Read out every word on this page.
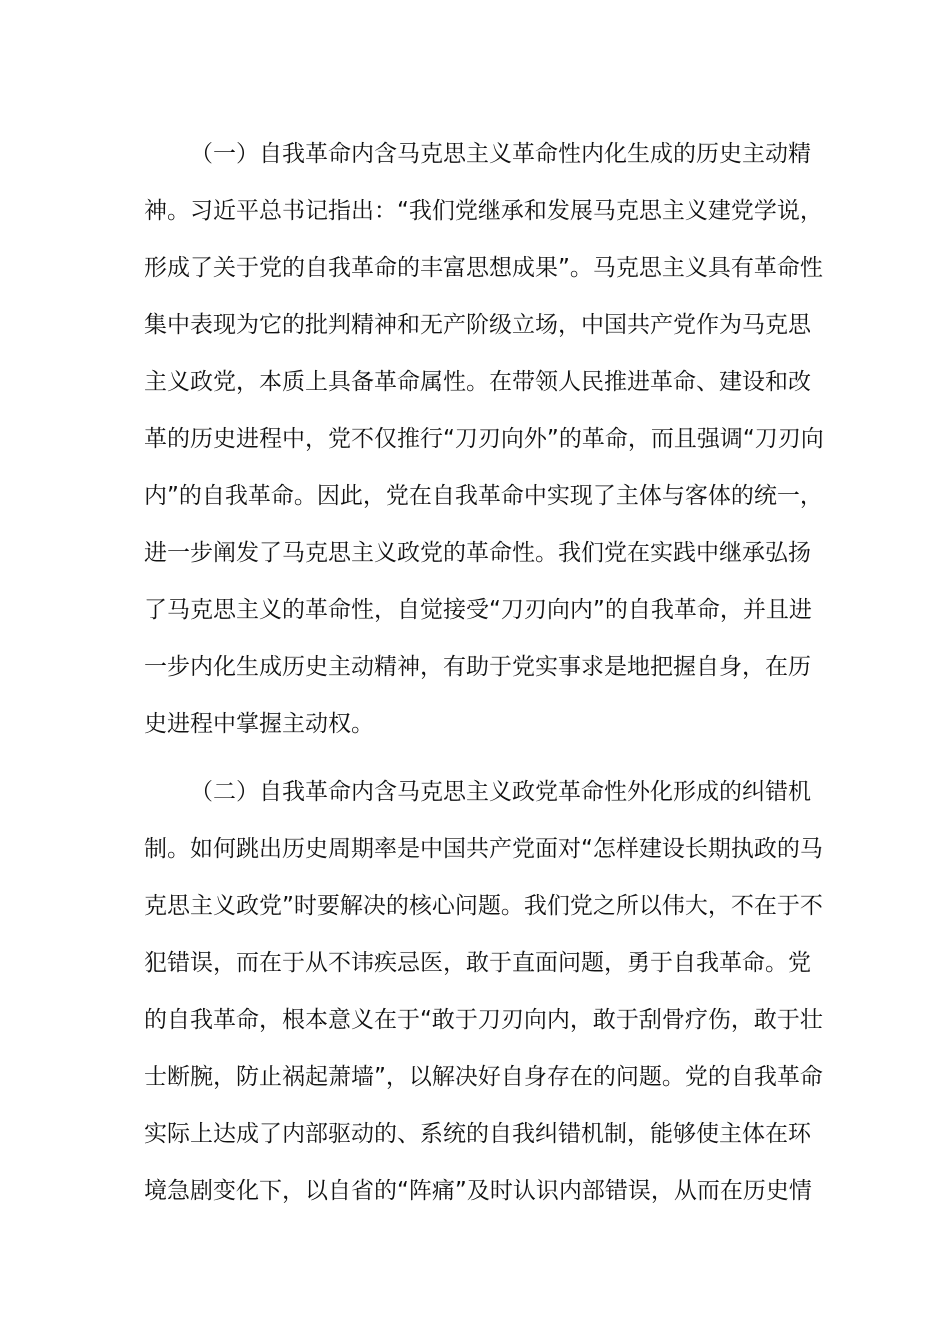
（一）自我革命内含马克思主义革命性内化生成的历史主动精
神。习近平总书记指出：“我们党继承和发展马克思主义建党学说，
形成了关于党的自我革命的丰富思想成果”。马克思主义具有革命性
集中表现为它的批判精神和无产阶级立场，中国共产党作为马克思
主义政党，本质上具备革命属性。在带领人民推进革命、建设和改
革的历史进程中，党不仅推行“刀刃向外”的革命，而且强调“刀刃向
内”的自我革命。因此，党在自我革命中实现了主体与客体的统一，
进一步阐发了马克思主义政党的革命性。我们党在实践中继承弘扬
了马克思主义的革命性，自觉接受“刀刃向内”的自我革命，并且进
一步内化生成历史主动精神，有助于党实事求是地把握自身，在历
史进程中掌握主动权。
（二）自我革命内含马克思主义政党革命性外化形成的纠错机
制。如何跳出历史周期率是中国共产党面对“怎样建设长期执政的马
克思主义政党”时要解决的核心问题。我们党之所以伟大，不在于不
犯错误，而在于从不讳疾忌医，敢于直面问题，勇于自我革命。党
的自我革命，根本意义在于“敢于刀刃向内，敢于刮骨疗伤，敢于壮
士断腕，防止祸起萧墙”，以解决好自身存在的问题。党的自我革命
实际上达成了内部驱动的、系统的自我纠错机制，能够使主体在环
境急剧变化下，以自省的“阵痛”及时认识内部错误，从而在历史情
